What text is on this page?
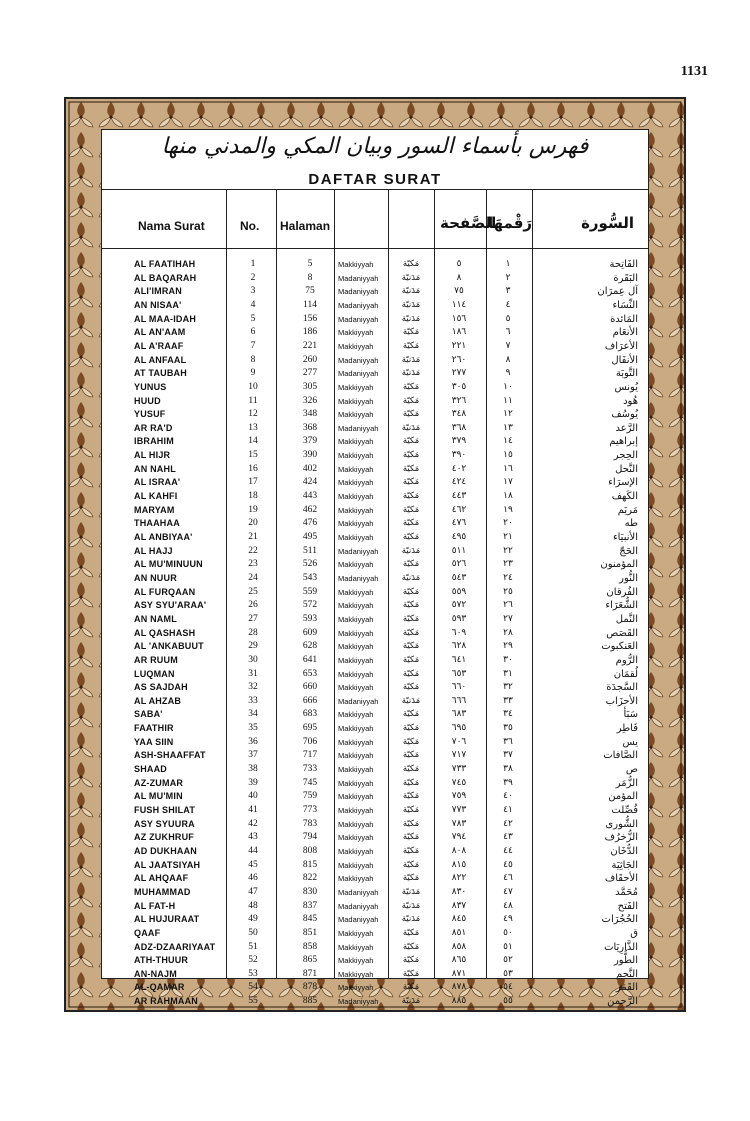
1131
فهرس بأسماء السور وبيان المكي والمدني منها
DAFTAR SURAT
Nama Surat	No. Halaman	الصَّفحة
رَقْمهَا	السُّورة
AL FAATIHAH	1	5	Makkiyyah	مَكيّة	٥	١	الفَاتِحة
AL BAQARAH	2	8	Madaniyyah	مَدَنيّة	٨	٢	البَقَرة
ALI'IMRAN	3	75	Madaniyyah	مَدَنيّة	٧٥	٣	آل عِمرَان
AN NISAA'	4	114	Madaniyyah	مَدَنيّة	١١٤	٤	النِّسَاء
AL MAA-IDAH	5	156	Madaniyyah	مَدَنيّة	١٥٦	٥	المَائدة
AL AN'AAM	6	186	Makkiyyah	مَكيّة	١٨٦	٦	الأنعَام
AL A'RAAF	7	221	Makkiyyah	مَكيّة	٢٢١	٧	الأعرَاف
AL ANFAAL	8	260	Madaniyyah	مَدَنيّة	٢٦٠	٨	الأنفَال
AT TAUBAH	9	277	Madaniyyah	مَدَنيّة	٢٧٧	٩	التَّوبَة
YUNUS	10	305	Makkiyyah	مَكيّة	٣٠٥	١٠	يُونس
HUUD	11	326	Makkiyyah	مَكيّة	٣٢٦	١١	هُود
YUSUF	12	348	Makkiyyah	مَكيّة	٣٤٨	١٢	يُوسُف
AR RA'D	13	368	Madaniyyah	مَدَنيّة	٣٦٨	١٣	الرَّعد
IBRAHIM	14	379	Makkiyyah	مَكيّة	٣٧٩	١٤	إبراهيم
AL HIJR	15	390	Makkiyyah	مَكيّة	٣٩٠	١٥	الحِجر
AN NAHL	16	402	Makkiyyah	مَكيّة	٤٠٢	١٦	النَّحل
AL ISRAA'	17	424	Makkiyyah	مَكيّة	٤٢٤	١٧	الإسرَاء
AL KAHFI	18	443	Makkiyyah	مَكيّة	٤٤٣	١٨	الكَهف
MARYAM	19	462	Makkiyyah	مَكيّة	٤٦٢	١٩	مَريَم
THAAHAA	20	476	Makkiyyah	مَكيّة	٤٧٦	٢٠	طه
AL ANBIYAA'	21	495	Makkiyyah	مَكيّة	٤٩٥	٢١	الأنبيَاء
AL HAJJ	22	511	Madaniyyah	مَدَنيّة	٥١١	٢٢	الحَجّ
AL MU'MINUUN	23	526	Makkiyyah	مَكيّة	٥٢٦	٢٣	المؤمنون
AN NUUR	24	543	Madaniyyah	مَدَنيّة	٥٤٣	٢٤	النُّور
AL FURQAAN	25	559	Makkiyyah	مَكيّة	٥٥٩	٢٥	الفُرقان
ASY SYU'ARAA'	26	572	Makkiyyah	مَكيّة	٥٧٢	٢٦	الشُّعَرَاء
AN NAML	27	593	Makkiyyah	مَكيّة	٥٩٣	٢٧	النَّمل
AL QASHASH	28	609	Makkiyyah	مَكيّة	٦٠٩	٢٨	القَصَص
AL 'ANKABUUT	29	628	Makkiyyah	مَكيّة	٦٢٨	٢٩	العَنكبوت
AR RUUM	30	641	Makkiyyah	مَكيّة	٦٤١	٣٠	الرُّوم
LUQMAN	31	653	Makkiyyah	مَكيّة	٦٥٣	٣١	لُقمَان
AS SAJDAH	32	660	Makkiyyah	مَكيّة	٦٦٠	٣٢	السَّجدَة
AL AHZAB	33	666	Madaniyyah	مَدَنيّة	٦٦٦	٣٣	الأحزَاب
SABA'	34	683	Makkiyyah	مَكيّة	٦٨٣	٣٤	سَبَأ
FAATHIR	35	695	Makkiyyah	مَكيّة	٦٩٥	٣٥	فَاطِر
YAA SIIN	36	706	Makkiyyah	مَكيّة	٧٠٦	٣٦	يس
ASH-SHAAFFAT	37	717	Makkiyyah	مَكيّة	٧١٧	٣٧	الصَّافات
SHAAD	38	733	Makkiyyah	مَكيّة	٧٣٣	٣٨	ص
AZ-ZUMAR	39	745	Makkiyyah	مَكيّة	٧٤٥	٣٩	الزُّمَر
AL MU'MIN	40	759	Makkiyyah	مَكيّة	٧٥٩	٤٠	المؤمن
FUSH SHILAT	41	773	Makkiyyah	مَكيّة	٧٧٣	٤١	فُصِّلت
ASY SYUURA	42	783	Makkiyyah	مَكيّة	٧٨٣	٤٢	الشُّورى
AZ ZUKHRUF	43	794	Makkiyyah	مَكيّة	٧٩٤	٤٣	الزُّخرُف
AD DUKHAAN	44	808	Makkiyyah	مَكيّة	٨٠٨	٤٤	الدُّخَان
AL JAATSIYAH	45	815	Makkiyyah	مَكيّة	٨١٥	٤٥	الجَاثِيَة
AL AHQAAF	46	822	Makkiyyah	مَكيّة	٨٢٢	٤٦	الأحقَاف
MUHAMMAD	47	830	Madaniyyah	مَدَنيّة	٨٣٠	٤٧	مُحَمَّد
AL FAT-H	48	837	Madaniyyah	مَدَنيّة	٨٣٧	٤٨	الفَتح
AL HUJURAAT	49	845	Madaniyyah	مَدَنيّة	٨٤٥	٤٩	الحُجُرَات
QAAF	50	851	Makkiyyah	مَكيّة	٨٥١	٥٠	ق
ADZ-DZAARIYAAT	51	858	Makkiyyah	مَكيّة	٨٥٨	٥١	الذَّارِيَات
ATH-THUUR	52	865	Makkiyyah	مَكيّة	٨٦٥	٥٢	الطُّور
AN-NAJM	53	871	Makkiyyah	مَكيّة	٨٧١	٥٣	النَّجم
AL-QAMAR	54	878	Makkiyyah	مَكيّة	٨٧٨	٥٤	القَمَر
AR RAHMAAN	55	885	Madaniyyah	مَدَنيّة	٨٨٥	٥٥	الرَّحمن
